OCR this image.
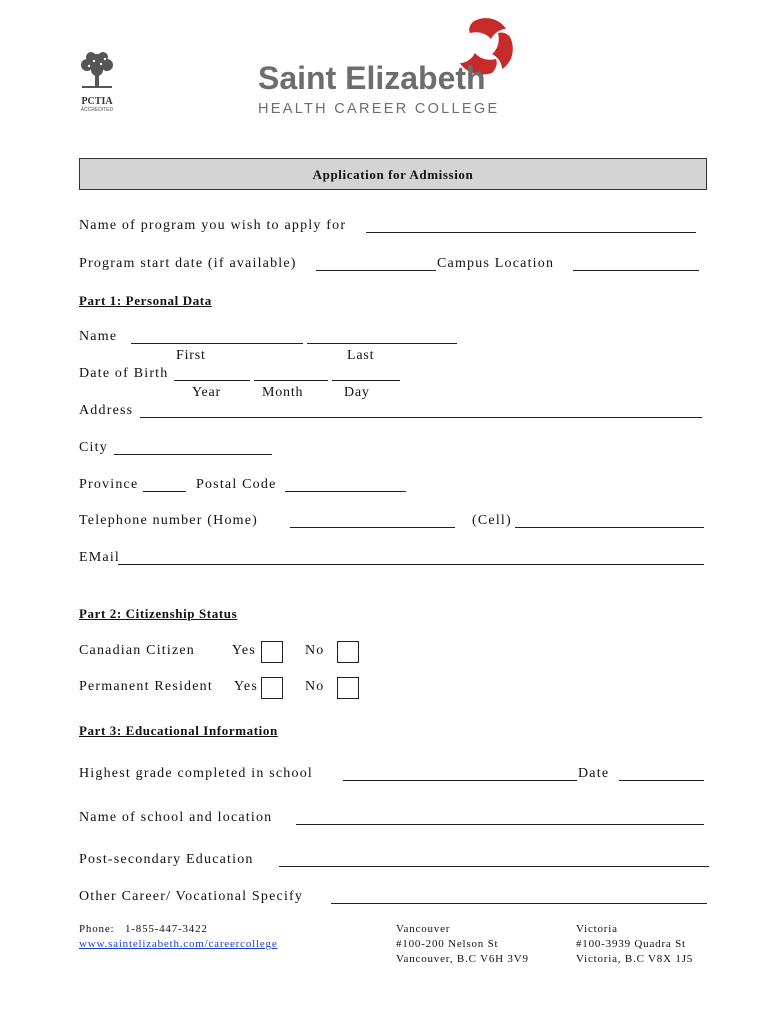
PCTIA
ACCREDITED
Saint Elizabeth
HEALTH CAREER COLLEGE
Application for Admission
Name of program you wish to apply for
Program start date (if available)	Campus Location
Part 1: Personal Data
Name
First	Last
Date of Birth
Year	Month	Day
Address
City
Province	Postal Code
Telephone number (Home)	(Cell)
EMail
Part 2: Citizenship Status
Canadian Citizen	Yes	No
Permanent Resident Yes	No
Part 3: Educational Information
Highest grade completed in school	Date
Name of school and location
Post-secondary Education
Other Career/ Vocational Specify
Phone:   1-855-447-3422
www.saintelizabeth.com/careercollege
Vancouver
#100-200 Nelson St
Vancouver, B.C V6H 3V9
Victoria
#100-3939 Quadra St
Victoria, B.C V8X 1J5
